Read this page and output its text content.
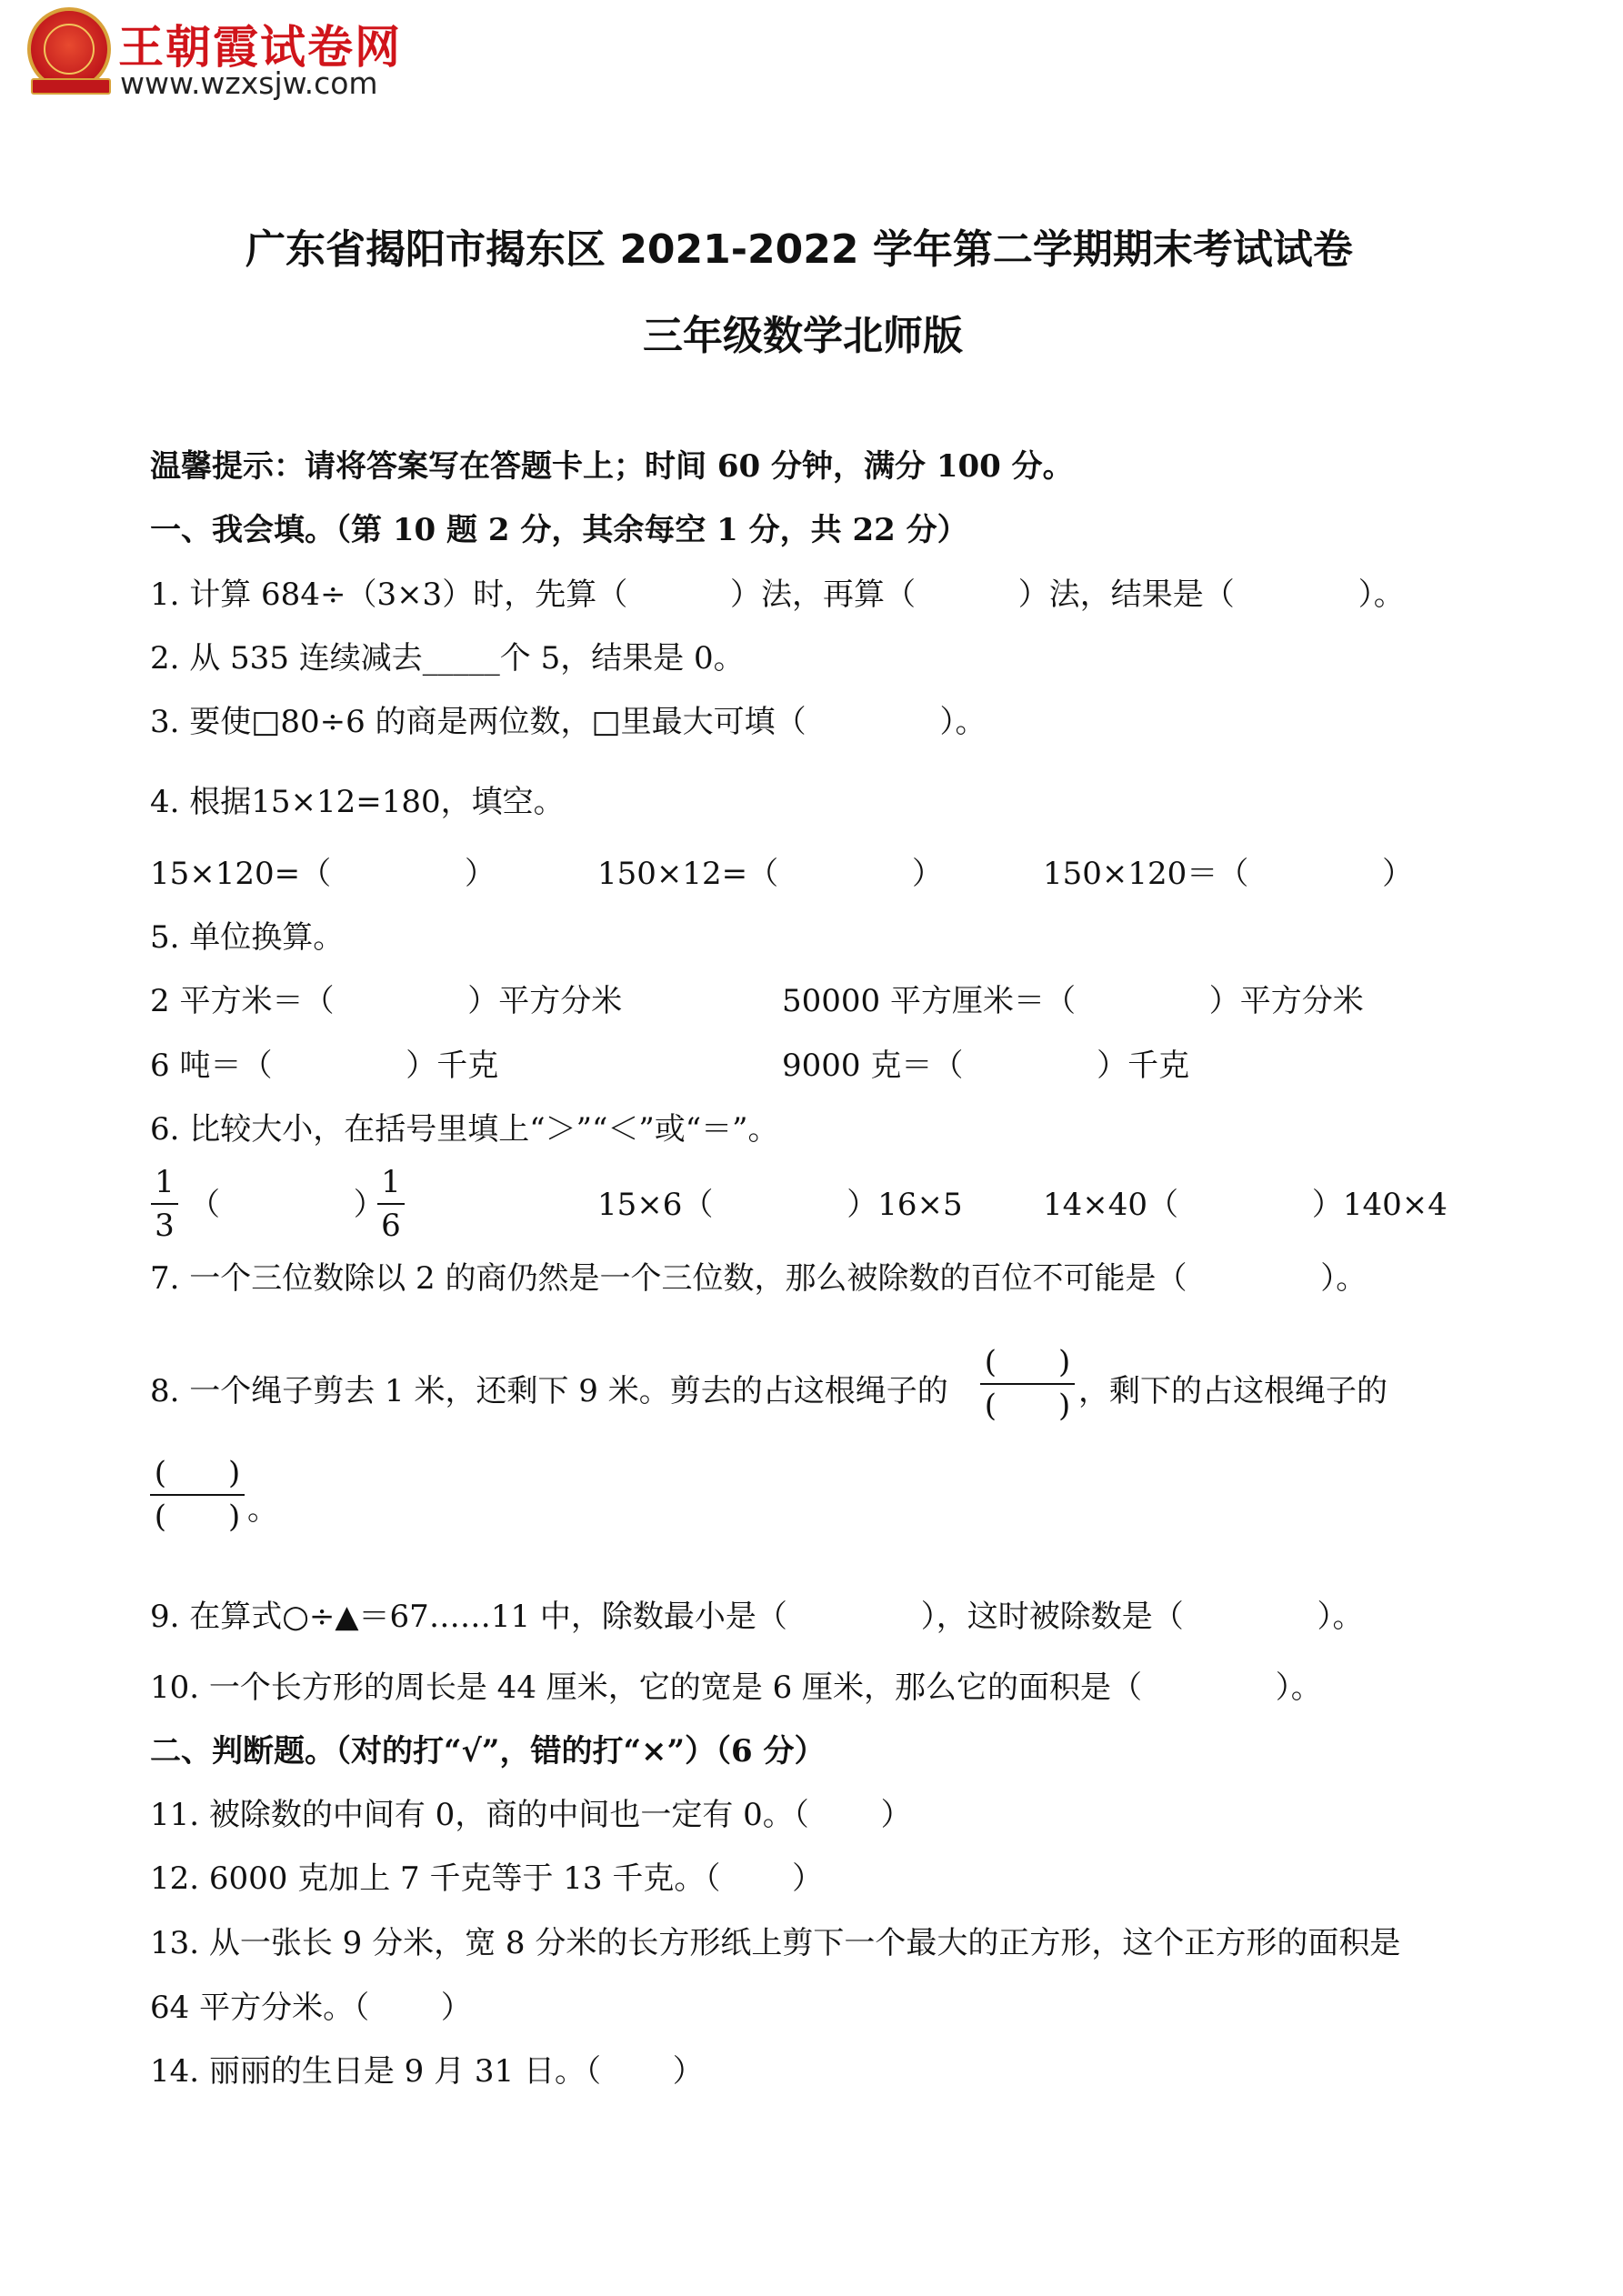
王朝霞试卷网
www.wzxsjw.com
广东省揭阳市揭东区 2021-2022 学年第二学期期末考试试卷
三年级数学北师版
温馨提示：请将答案写在答题卡上；时间 60 分钟，满分 100 分。
一、我会填。（第 10 题 2 分，其余每空 1 分，共 22 分）
1. 计算 684÷（3×3）时，先算（　　　 ）法，再算（　　　 ）法，结果是（　　　　）。
2. 从 535 连续减去_____个 5，结果是 0。
3. 要使□80÷6 的商是两位数，□里最大可填（　　　　 ）。
4. 根据15×12=180，填空。
15×120=（　　　　 ）	150×12=（　　　　 ）	150×120＝（　　　　 ）
5. 单位换算。
2 平方米＝（　　　　 ）平方分米	50000 平方厘米＝（　　　　 ）平方分米
6 吨＝（　　　　 ）千克	9000 克＝（　　　　 ）千克
6. 比较大小，在括号里填上“＞”“＜”或“＝”。
1
3
（　　　　 ）
1
6
15×6（　　　　 ）16×5	14×40（　　　　 ）140×4
7. 一个三位数除以 2 的商仍然是一个三位数，那么被除数的百位不可能是（　　　　 ）。
8. 一个绳子剪去 1 米，还剩下 9 米。剪去的占这根绳子的
(　　)
(　　) ，剩下的占这根绳子的
(　　)
(　　) 。
9. 在算式○÷▲＝67……11 中，除数最小是（　　　　 ），这时被除数是（　　　　 ）。
10. 一个长方形的周长是 44 厘米，它的宽是 6 厘米，那么它的面积是（　　　　 ）。
二、判断题。（对的打“√”，错的打“×”）（6 分）
11. 被除数的中间有 0，商的中间也一定有 0。（　　 ）
12. 6000 克加上 7 千克等于 13 千克。（　　 ）
13. 从一张长 9 分米，宽 8 分米的长方形纸上剪下一个最大的正方形，这个正方形的面积是
64 平方分米。（　　 ）
14. 丽丽的生日是 9 月 31 日。（　　 ）
